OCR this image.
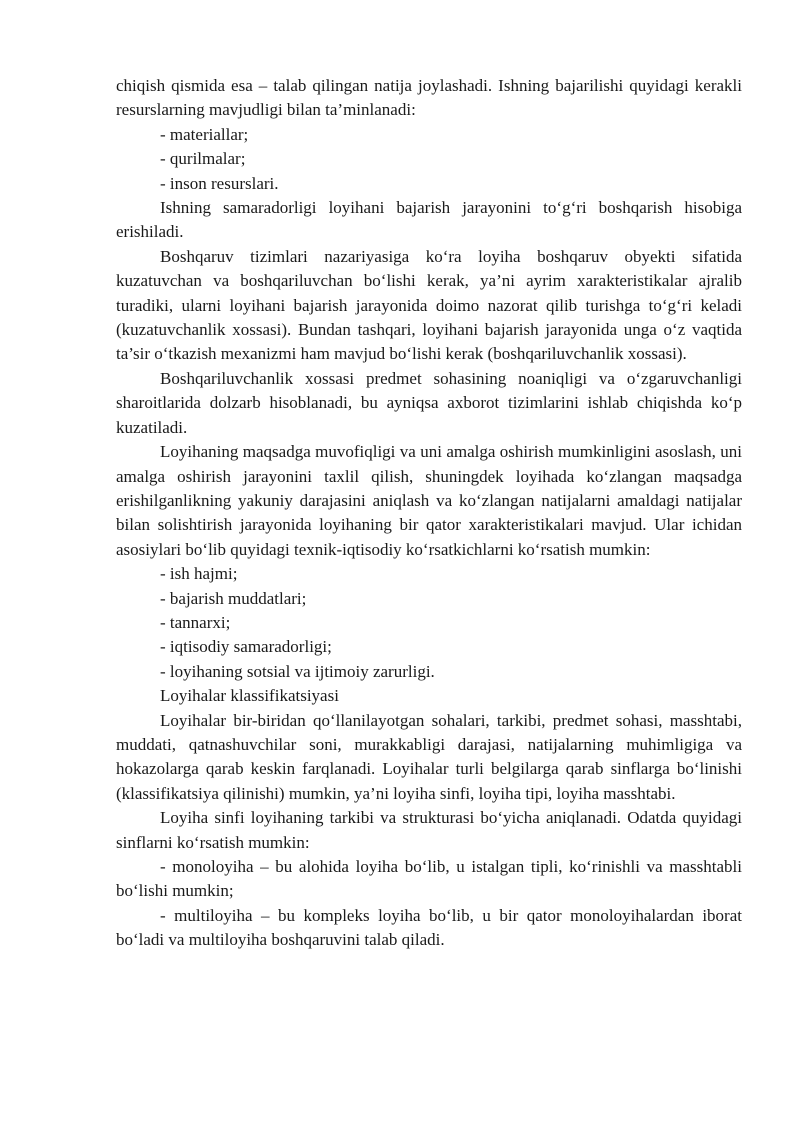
chiqish qismida esa – talab qilingan natija joylashadi. Ishning bajarilishi quyidagi kerakli resurslarning mavjudligi bilan ta’minlanadi:

- materiallar;

- qurilmalar;

- inson resurslari.

Ishning samaradorligi loyihani bajarish jarayonini to‘g‘ri boshqarish hisobiga erishiladi.

Boshqaruv tizimlari nazariyasiga ko‘ra loyiha boshqaruv obyekti sifatida kuzatuvchan va boshqariluvchan bo‘lishi kerak, ya’ni ayrim xarakteristikalar ajralib turadiki, ularni loyihani bajarish jarayonida doimo nazorat qilib turishga to‘g‘ri keladi (kuzatuvchanlik xossasi). Bundan tashqari, loyihani bajarish jarayonida unga o‘z vaqtida ta’sir o‘tkazish mexanizmi ham mavjud bo‘lishi kerak (boshqariluvchanlik xossasi).

Boshqariluvchanlik xossasi predmet sohasining noaniqligi va o‘zgaruvchanligi sharoitlarida dolzarb hisoblanadi, bu ayniqsa axborot tizimlarini ishlab chiqishda ko‘p kuzatiladi.

Loyihaning maqsadga muvofiqligi va uni amalga oshirish mumkinligini asoslash, uni amalga oshirish jarayonini taxlil qilish, shuningdek loyihada ko‘zlangan maqsadga erishilganlikning yakuniy darajasini aniqlash va ko‘zlangan natijalarni amaldagi natijalar bilan solishtirish jarayonida loyihaning bir qator xarakteristikalari mavjud. Ular ichidan asosiylari bo‘lib quyidagi texnik-iqtisodiy ko‘rsatkichlarni ko‘rsatish mumkin:

- ish hajmi;

- bajarish muddatlari;

- tannarxi;

- iqtisodiy samaradorligi;

- loyihaning sotsial va ijtimoiy zarurligi.

Loyihalar klassifikatsiyasi

Loyihalar bir-biridan qo‘llanilayotgan sohalari, tarkibi, predmet sohasi, masshtabi, muddati, qatnashuvchilar soni, murakkabligi darajasi, natijalarning muhimligiga va hokazolarga qarab keskin farqlanadi. Loyihalar turli belgilarga qarab sinflarga bo‘linishi (klassifikatsiya qilinishi) mumkin, ya’ni loyiha sinfi, loyiha tipi, loyiha masshtabi.

Loyiha sinfi loyihaning tarkibi va strukturasi bo‘yicha aniqlanadi. Odatda quyidagi sinflarni ko‘rsatish mumkin:

- monoloyiha – bu alohida loyiha bo‘lib, u istalgan tipli, ko‘rinishli va masshtabli bo‘lishi mumkin;

- multiloyiha – bu kompleks loyiha bo‘lib, u bir qator monoloyihalardan iborat bo‘ladi va multiloyiha boshqaruvini talab qiladi.
